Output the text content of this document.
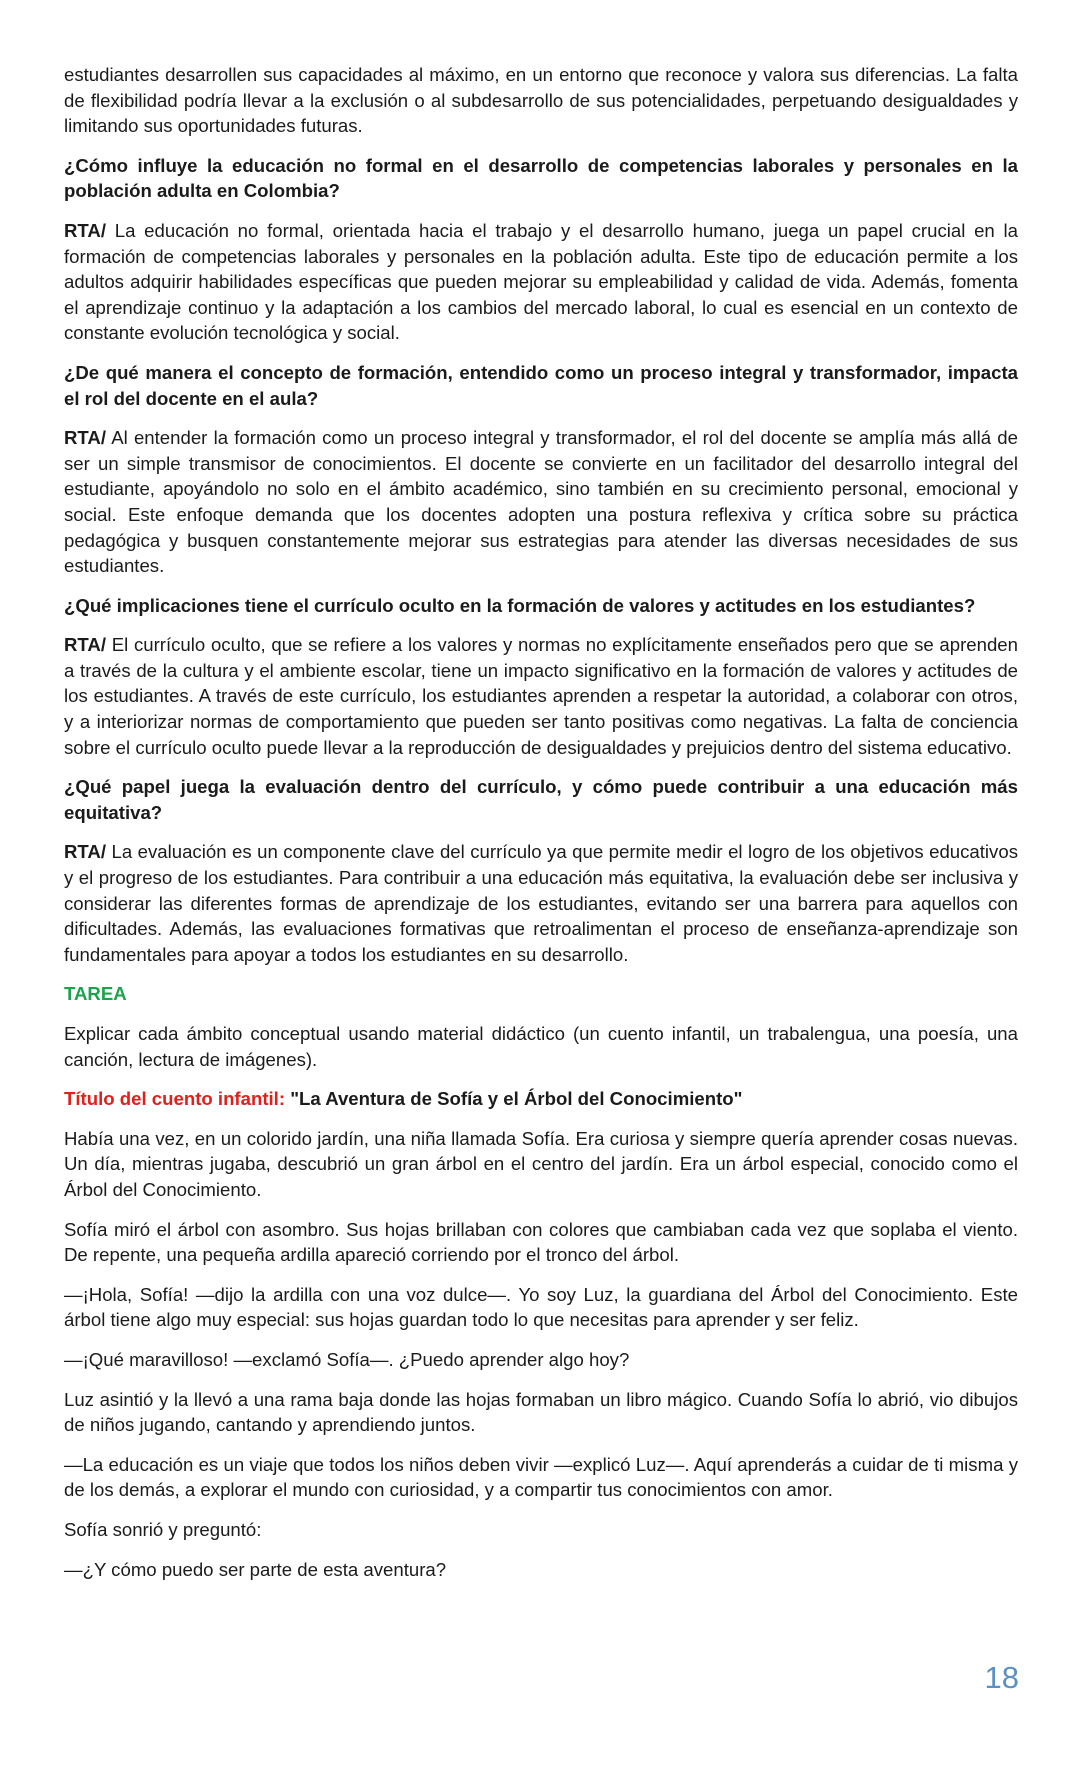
estudiantes desarrollen sus capacidades al máximo, en un entorno que reconoce y valora sus diferencias. La falta de flexibilidad podría llevar a la exclusión o al subdesarrollo de sus potencialidades, perpetuando desigualdades y limitando sus oportunidades futuras.

¿Cómo influye la educación no formal en el desarrollo de competencias laborales y personales en la población adulta en Colombia?

RTA/ La educación no formal, orientada hacia el trabajo y el desarrollo humano, juega un papel crucial en la formación de competencias laborales y personales en la población adulta. Este tipo de educación permite a los adultos adquirir habilidades específicas que pueden mejorar su empleabilidad y calidad de vida. Además, fomenta el aprendizaje continuo y la adaptación a los cambios del mercado laboral, lo cual es esencial en un contexto de constante evolución tecnológica y social.

¿De qué manera el concepto de formación, entendido como un proceso integral y transformador, impacta el rol del docente en el aula?

RTA/ Al entender la formación como un proceso integral y transformador, el rol del docente se amplía más allá de ser un simple transmisor de conocimientos. El docente se convierte en un facilitador del desarrollo integral del estudiante, apoyándolo no solo en el ámbito académico, sino también en su crecimiento personal, emocional y social. Este enfoque demanda que los docentes adopten una postura reflexiva y crítica sobre su práctica pedagógica y busquen constantemente mejorar sus estrategias para atender las diversas necesidades de sus estudiantes.

¿Qué implicaciones tiene el currículo oculto en la formación de valores y actitudes en los estudiantes?

RTA/ El currículo oculto, que se refiere a los valores y normas no explícitamente enseñados pero que se aprenden a través de la cultura y el ambiente escolar, tiene un impacto significativo en la formación de valores y actitudes de los estudiantes. A través de este currículo, los estudiantes aprenden a respetar la autoridad, a colaborar con otros, y a interiorizar normas de comportamiento que pueden ser tanto positivas como negativas. La falta de conciencia sobre el currículo oculto puede llevar a la reproducción de desigualdades y prejuicios dentro del sistema educativo.

¿Qué papel juega la evaluación dentro del currículo, y cómo puede contribuir a una educación más equitativa?

RTA/ La evaluación es un componente clave del currículo ya que permite medir el logro de los objetivos educativos y el progreso de los estudiantes. Para contribuir a una educación más equitativa, la evaluación debe ser inclusiva y considerar las diferentes formas de aprendizaje de los estudiantes, evitando ser una barrera para aquellos con dificultades. Además, las evaluaciones formativas que retroalimentan el proceso de enseñanza-aprendizaje son fundamentales para apoyar a todos los estudiantes en su desarrollo.

TAREA

Explicar cada ámbito conceptual usando material didáctico (un cuento infantil, un trabalengua, una poesía, una canción, lectura de imágenes).

Título del cuento infantil: "La Aventura de Sofía y el Árbol del Conocimiento"

Había una vez, en un colorido jardín, una niña llamada Sofía. Era curiosa y siempre quería aprender cosas nuevas. Un día, mientras jugaba, descubrió un gran árbol en el centro del jardín. Era un árbol especial, conocido como el Árbol del Conocimiento.

Sofía miró el árbol con asombro. Sus hojas brillaban con colores que cambiaban cada vez que soplaba el viento. De repente, una pequeña ardilla apareció corriendo por el tronco del árbol.

—¡Hola, Sofía! —dijo la ardilla con una voz dulce—. Yo soy Luz, la guardiana del Árbol del Conocimiento. Este árbol tiene algo muy especial: sus hojas guardan todo lo que necesitas para aprender y ser feliz.

—¡Qué maravilloso! —exclamó Sofía—. ¿Puedo aprender algo hoy?

Luz asintió y la llevó a una rama baja donde las hojas formaban un libro mágico. Cuando Sofía lo abrió, vio dibujos de niños jugando, cantando y aprendiendo juntos.

—La educación es un viaje que todos los niños deben vivir —explicó Luz—. Aquí aprenderás a cuidar de ti misma y de los demás, a explorar el mundo con curiosidad, y a compartir tus conocimientos con amor.

Sofía sonrió y preguntó:

—¿Y cómo puedo ser parte de esta aventura?

18
